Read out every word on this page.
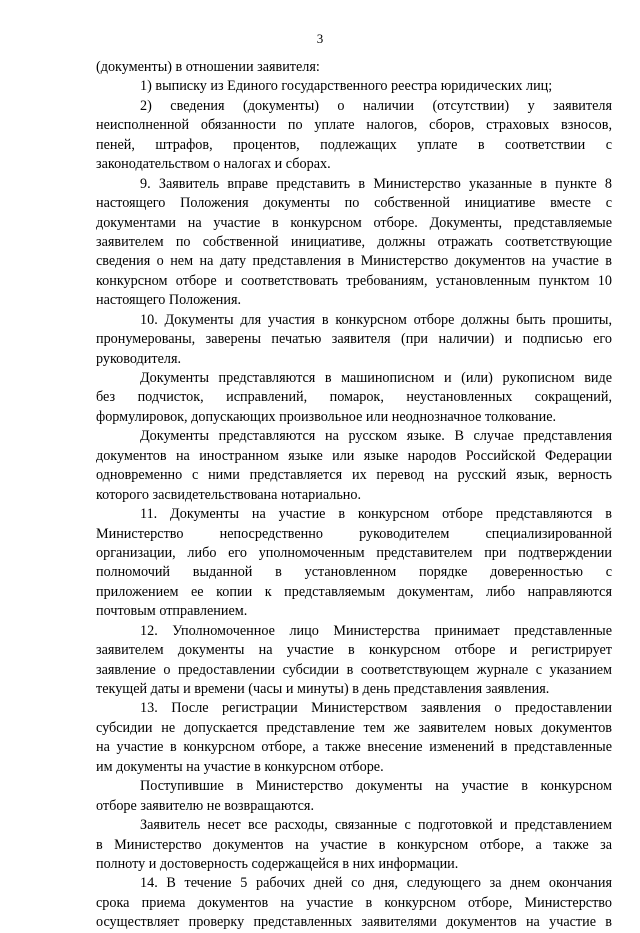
3
(документы) в отношении заявителя:
1) выписку из Единого государственного реестра юридических лиц;
2) сведения (документы) о наличии (отсутствии) у заявителя
неисполненной обязанности по уплате налогов, сборов, страховых взносов,
пеней, штрафов, процентов, подлежащих уплате в соответствии с
законодательством о налогах и сборах.
9. Заявитель вправе представить в Министерство указанные в пункте 8
настоящего Положения документы по собственной инициативе вместе с
документами на участие в конкурсном отборе. Документы, представляемые
заявителем по собственной инициативе, должны отражать соответствующие
сведения о нем на дату представления в Министерство документов на участие в
конкурсном отборе и соответствовать требованиям, установленным пунктом 10
настоящего Положения.
10. Документы для участия в конкурсном отборе должны быть прошиты,
пронумерованы, заверены печатью заявителя (при наличии) и подписью его
руководителя.
Документы представляются в машинописном и (или) рукописном виде
без подчисток, исправлений, помарок, неустановленных сокращений,
формулировок, допускающих произвольное или неоднозначное толкование.
Документы представляются на русском языке. В случае представления
документов на иностранном языке или языке народов Российской Федерации
одновременно с ними представляется их перевод на русский язык, верность
которого засвидетельствована нотариально.
11. Документы на участие в конкурсном отборе представляются в
Министерство непосредственно руководителем специализированной
организации, либо его уполномоченным представителем при подтверждении
полномочий выданной в установленном порядке доверенностью с
приложением ее копии к представляемым документам, либо направляются
почтовым отправлением.
12. Уполномоченное лицо Министерства принимает представленные
заявителем документы на участие в конкурсном отборе и регистрирует
заявление о предоставлении субсидии в соответствующем журнале с указанием
текущей даты и времени (часы и минуты) в день представления заявления.
13. После регистрации Министерством заявления о предоставлении
субсидии не допускается представление тем же заявителем новых документов
на участие в конкурсном отборе, а также внесение изменений в представленные
им документы на участие в конкурсном отборе.
Поступившие в Министерство документы на участие в конкурсном
отборе заявителю не возвращаются.
Заявитель несет все расходы, связанные с подготовкой и представлением
в Министерство документов на участие в конкурсном отборе, а также за
полноту и достоверность содержащейся в них информации.
14. В течение 5 рабочих дней со дня, следующего за днем окончания
срока приема документов на участие в конкурсном отборе, Министерство
осуществляет проверку представленных заявителями документов на участие в
